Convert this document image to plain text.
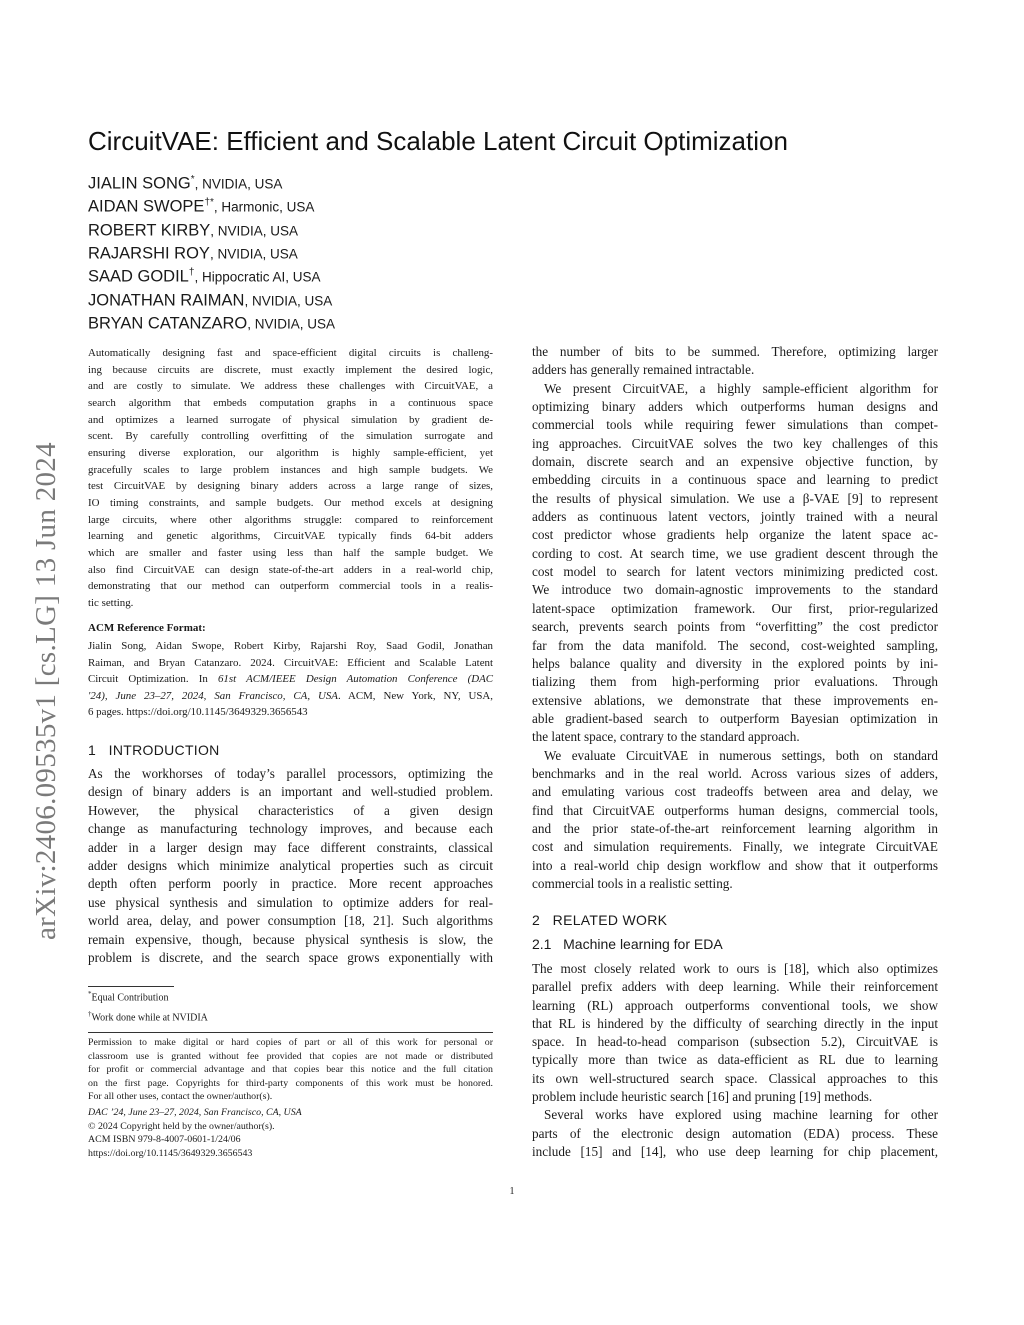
arXiv:2406.09535v1 [cs.LG] 13 Jun 2024
CircuitVAE: Efficient and Scalable Latent Circuit Optimization
JIALIN SONG*, NVIDIA, USA
AIDAN SWOPE†*, Harmonic, USA
ROBERT KIRBY, NVIDIA, USA
RAJARSHI ROY, NVIDIA, USA
SAAD GODIL†, Hippocratic AI, USA
JONATHAN RAIMAN, NVIDIA, USA
BRYAN CATANZARO, NVIDIA, USA
Automatically designing fast and space-efficient digital circuits is challeng-
ing because circuits are discrete, must exactly implement the desired logic,
and are costly to simulate. We address these challenges with CircuitVAE, a
search algorithm that embeds computation graphs in a continuous space
and optimizes a learned surrogate of physical simulation by gradient de-
scent. By carefully controlling overfitting of the simulation surrogate and
ensuring diverse exploration, our algorithm is highly sample-efficient, yet
gracefully scales to large problem instances and high sample budgets. We
test CircuitVAE by designing binary adders across a large range of sizes,
IO timing constraints, and sample budgets. Our method excels at designing
large circuits, where other algorithms struggle: compared to reinforcement
learning and genetic algorithms, CircuitVAE typically finds 64-bit adders
which are smaller and faster using less than half the sample budget. We
also find CircuitVAE can design state-of-the-art adders in a real-world chip,
demonstrating that our method can outperform commercial tools in a realis-
tic setting.
ACM Reference Format:
Jialin Song, Aidan Swope, Robert Kirby, Rajarshi Roy, Saad Godil, Jonathan
Raiman, and Bryan Catanzaro. 2024. CircuitVAE: Efficient and Scalable Latent
Circuit Optimization. In 61st ACM/IEEE Design Automation Conference (DAC
'24), June 23–27, 2024, San Francisco, CA, USA. ACM, New York, NY, USA,
6 pages. https://doi.org/10.1145/3649329.3656543
1 INTRODUCTION
As the workhorses of today’s parallel processors, optimizing the
design of binary adders is an important and well-studied problem.
However, the physical characteristics of a given design
change as manufacturing technology improves, and because each
adder in a larger design may face different constraints, classical
adder designs which minimize analytical properties such as circuit
depth often perform poorly in practice. More recent approaches
use physical synthesis and simulation to optimize adders for real-
world area, delay, and power consumption [18, 21]. Such algorithms
remain expensive, though, because physical synthesis is slow, the
problem is discrete, and the search space grows exponentially with
the number of bits to be summed. Therefore, optimizing larger
adders has generally remained intractable.
We present CircuitVAE, a highly sample-efficient algorithm for
optimizing binary adders which outperforms human designs and
commercial tools while requiring fewer simulations than compet-
ing approaches. CircuitVAE solves the two key challenges of this
domain, discrete search and an expensive objective function, by
embedding circuits in a continuous space and learning to predict
the results of physical simulation. We use a β-VAE [9] to represent
adders as continuous latent vectors, jointly trained with a neural
cost predictor whose gradients help organize the latent space ac-
cording to cost. At search time, we use gradient descent through the
cost model to search for latent vectors minimizing predicted cost.
We introduce two domain-agnostic improvements to the standard
latent-space optimization framework. Our first, prior-regularized
search, prevents search points from “overfitting” the cost predictor
far from the data manifold. The second, cost-weighted sampling,
helps balance quality and diversity in the explored points by ini-
tializing them from high-performing prior evaluations. Through
extensive ablations, we demonstrate that these improvements en-
able gradient-based search to outperform Bayesian optimization in
the latent space, contrary to the standard approach.
We evaluate CircuitVAE in numerous settings, both on standard
benchmarks and in the real world. Across various sizes of adders,
and emulating various cost tradeoffs between area and delay, we
find that CircuitVAE outperforms human designs, commercial tools,
and the prior state-of-the-art reinforcement learning algorithm in
cost and simulation requirements. Finally, we integrate CircuitVAE
into a real-world chip design workflow and show that it outperforms
commercial tools in a realistic setting.
2 RELATED WORK
2.1 Machine learning for EDA
The most closely related work to ours is [18], which also optimizes
parallel prefix adders with deep learning. While their reinforcement
learning (RL) approach outperforms conventional tools, we show
that RL is hindered by the difficulty of searching directly in the input
space. In head-to-head comparison (subsection 5.2), CircuitVAE is
typically more than twice as data-efficient as RL due to learning
its own well-structured search space. Classical approaches to this
problem include heuristic search [16] and pruning [19] methods.
Several works have explored using machine learning for other
parts of the electronic design automation (EDA) process. These
include [15] and [14], who use deep learning for chip placement,
*Equal Contribution
†Work done while at NVIDIA
Permission to make digital or hard copies of part or all of this work for personal or
classroom use is granted without fee provided that copies are not made or distributed
for profit or commercial advantage and that copies bear this notice and the full citation
on the first page. Copyrights for third-party components of this work must be honored.
For all other uses, contact the owner/author(s).
DAC ’24, June 23–27, 2024, San Francisco, CA, USA
© 2024 Copyright held by the owner/author(s).
ACM ISBN 979-8-4007-0601-1/24/06
https://doi.org/10.1145/3649329.3656543
1
